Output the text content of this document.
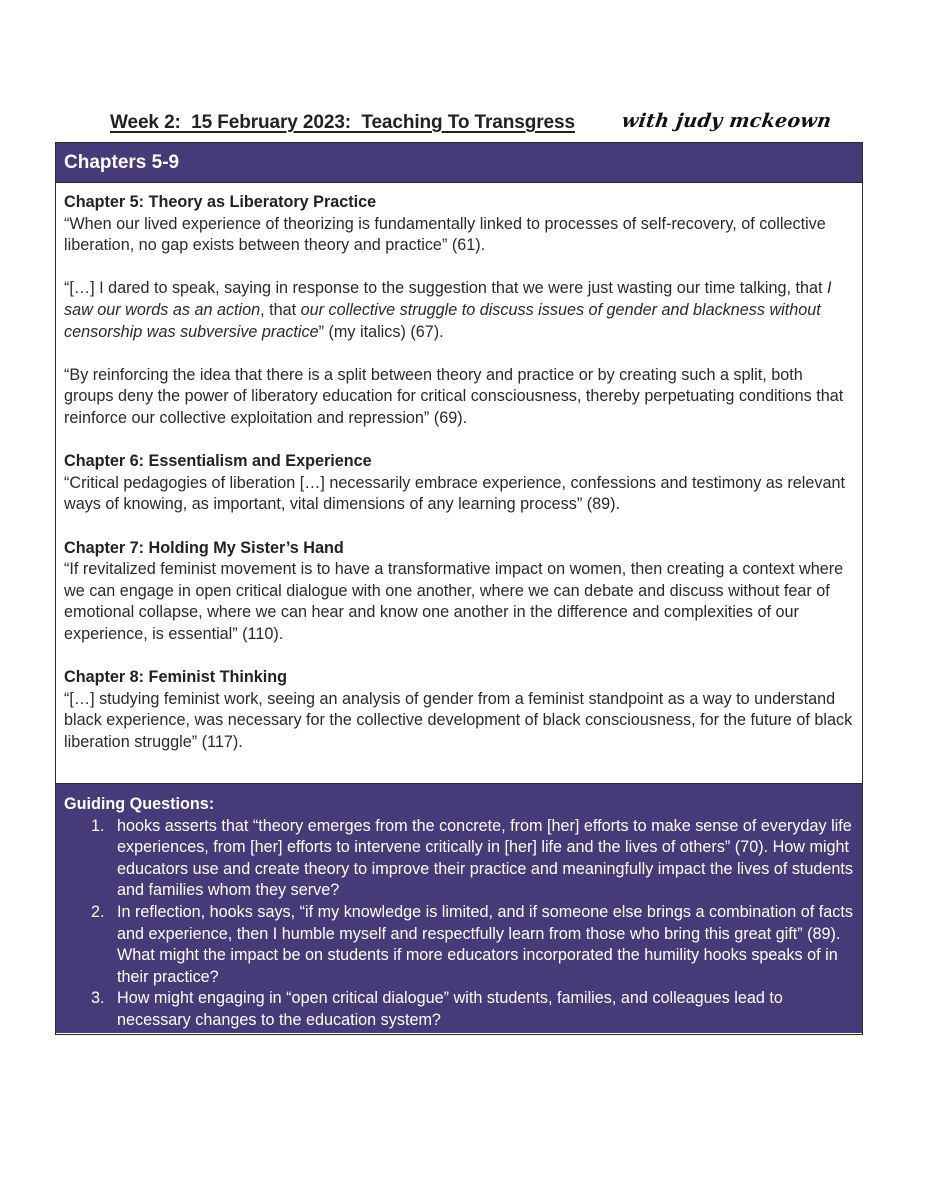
Week 2:  15 February 2023:  Teaching To Transgress with judy mckeown
Chapters 5-9

Chapter 5: Theory as Liberatory Practice

“When our lived experience of theorizing is fundamentally linked to processes of self-recovery, of collective liberation, no gap exists between theory and practice” (61).

“[…] I dared to speak, saying in response to the suggestion that we were just wasting our time talking, that I saw our words as an action, that our collective struggle to discuss issues of gender and blackness without censorship was subversive practice” (my italics) (67).

“By reinforcing the idea that there is a split between theory and practice or by creating such a split, both groups deny the power of liberatory education for critical consciousness, thereby perpetuating conditions that reinforce our collective exploitation and repression” (69).

Chapter 6: Essentialism and Experience

“Critical pedagogies of liberation […] necessarily embrace experience, confessions and testimony as relevant ways of knowing, as important, vital dimensions of any learning process” (89).

Chapter 7: Holding My Sister’s Hand

“If revitalized feminist movement is to have a transformative impact on women, then creating a context where we can engage in open critical dialogue with one another, where we can debate and discuss without fear of emotional collapse, where we can hear and know one another in the difference and complexities of our experience, is essential” (110).

Chapter 8: Feminist Thinking

“[…] studying feminist work, seeing an analysis of gender from a feminist standpoint as a way to understand black experience, was necessary for the collective development of black consciousness, for the future of black liberation struggle” (117).

Guiding Questions:

1. hooks asserts that “theory emerges from the concrete, from [her] efforts to make sense of everyday life experiences, from [her] efforts to intervene critically in [her] life and the lives of others” (70). How might educators use and create theory to improve their practice and meaningfully impact the lives of students and families whom they serve?
2. In reflection, hooks says, “if my knowledge is limited, and if someone else brings a combination of facts and experience, then I humble myself and respectfully learn from those who bring this great gift” (89). What might the impact be on students if more educators incorporated the humility hooks speaks of in their practice?
3. How might engaging in “open critical dialogue” with students, families, and colleagues lead to necessary changes to the education system?
